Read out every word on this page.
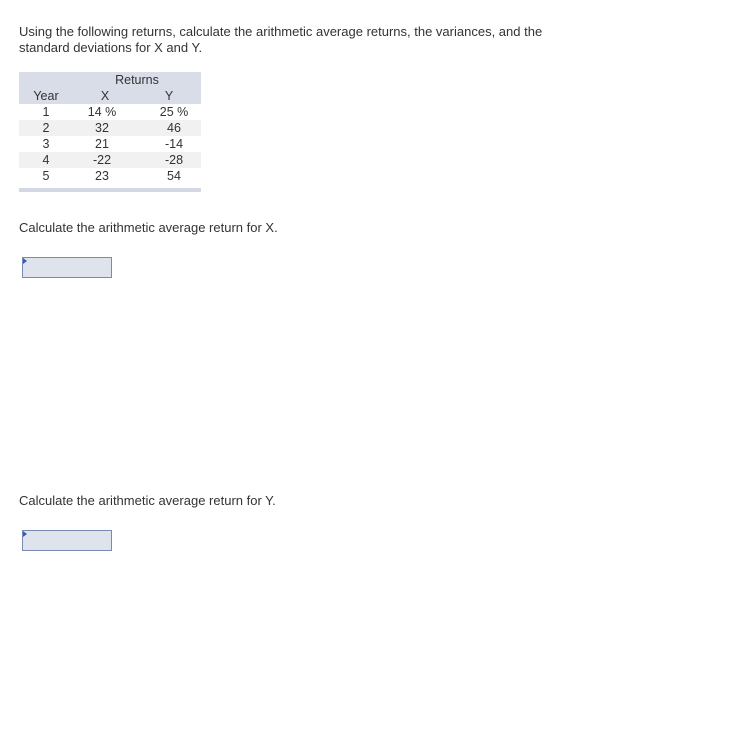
Using the following returns, calculate the arithmetic average returns, the variances, and the standard deviations for X and Y.

	Returns	
Year	X	Y
1	14 %	25 %
2	32	46
3	21	-14
4	-22	-28
5	23	54

Calculate the arithmetic average return for X.

Calculate the arithmetic average return for Y.
